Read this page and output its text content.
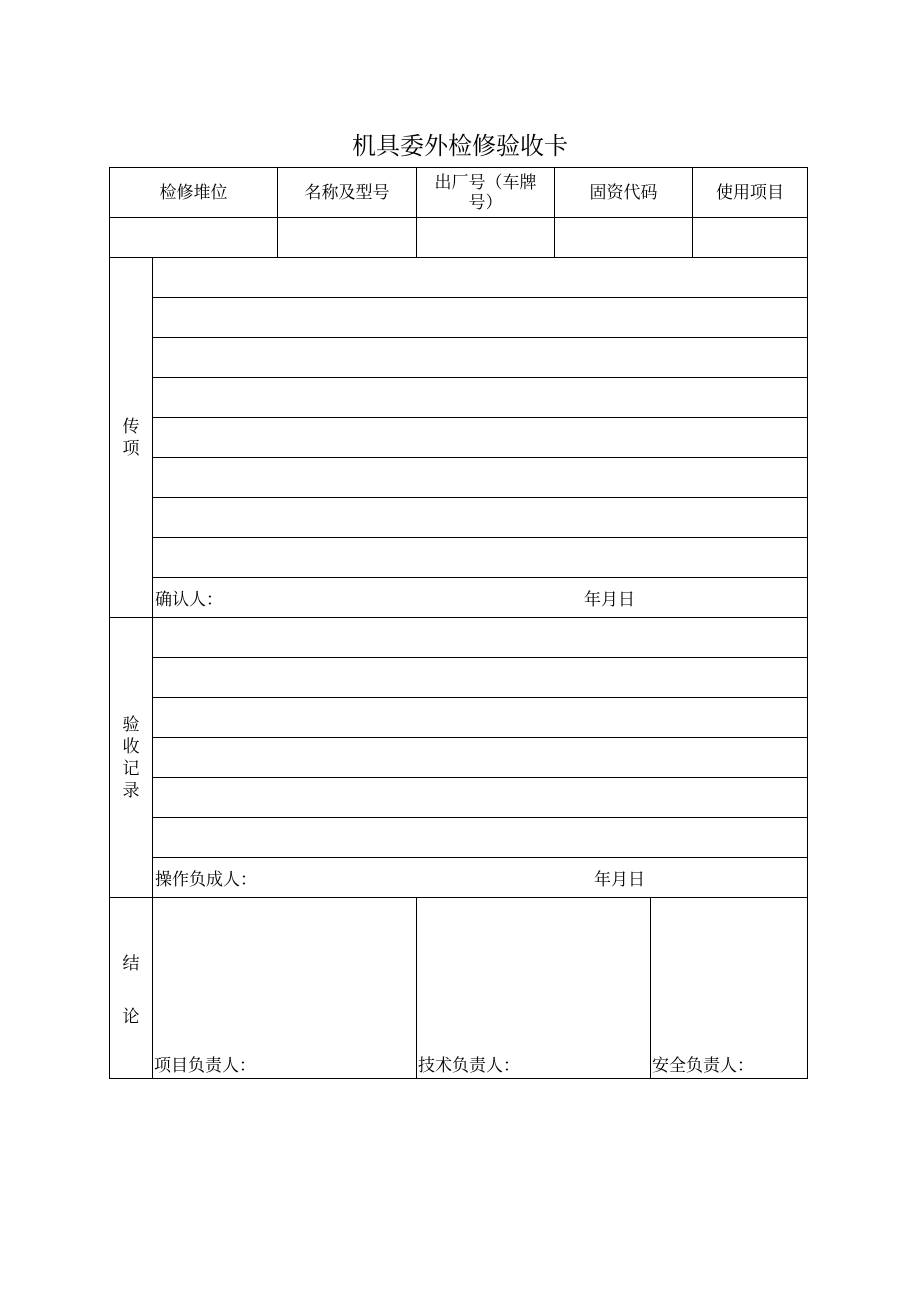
机具委外检修验收卡
检修堆位		名称及型号	出厂号（车牌号）	固资代码		使用项目

传项						

	确认人： 年月日					

验收记录						

	操作负成人： 年月日					

结
论	项目负责人：		技术负责人：		安全负责人：	
